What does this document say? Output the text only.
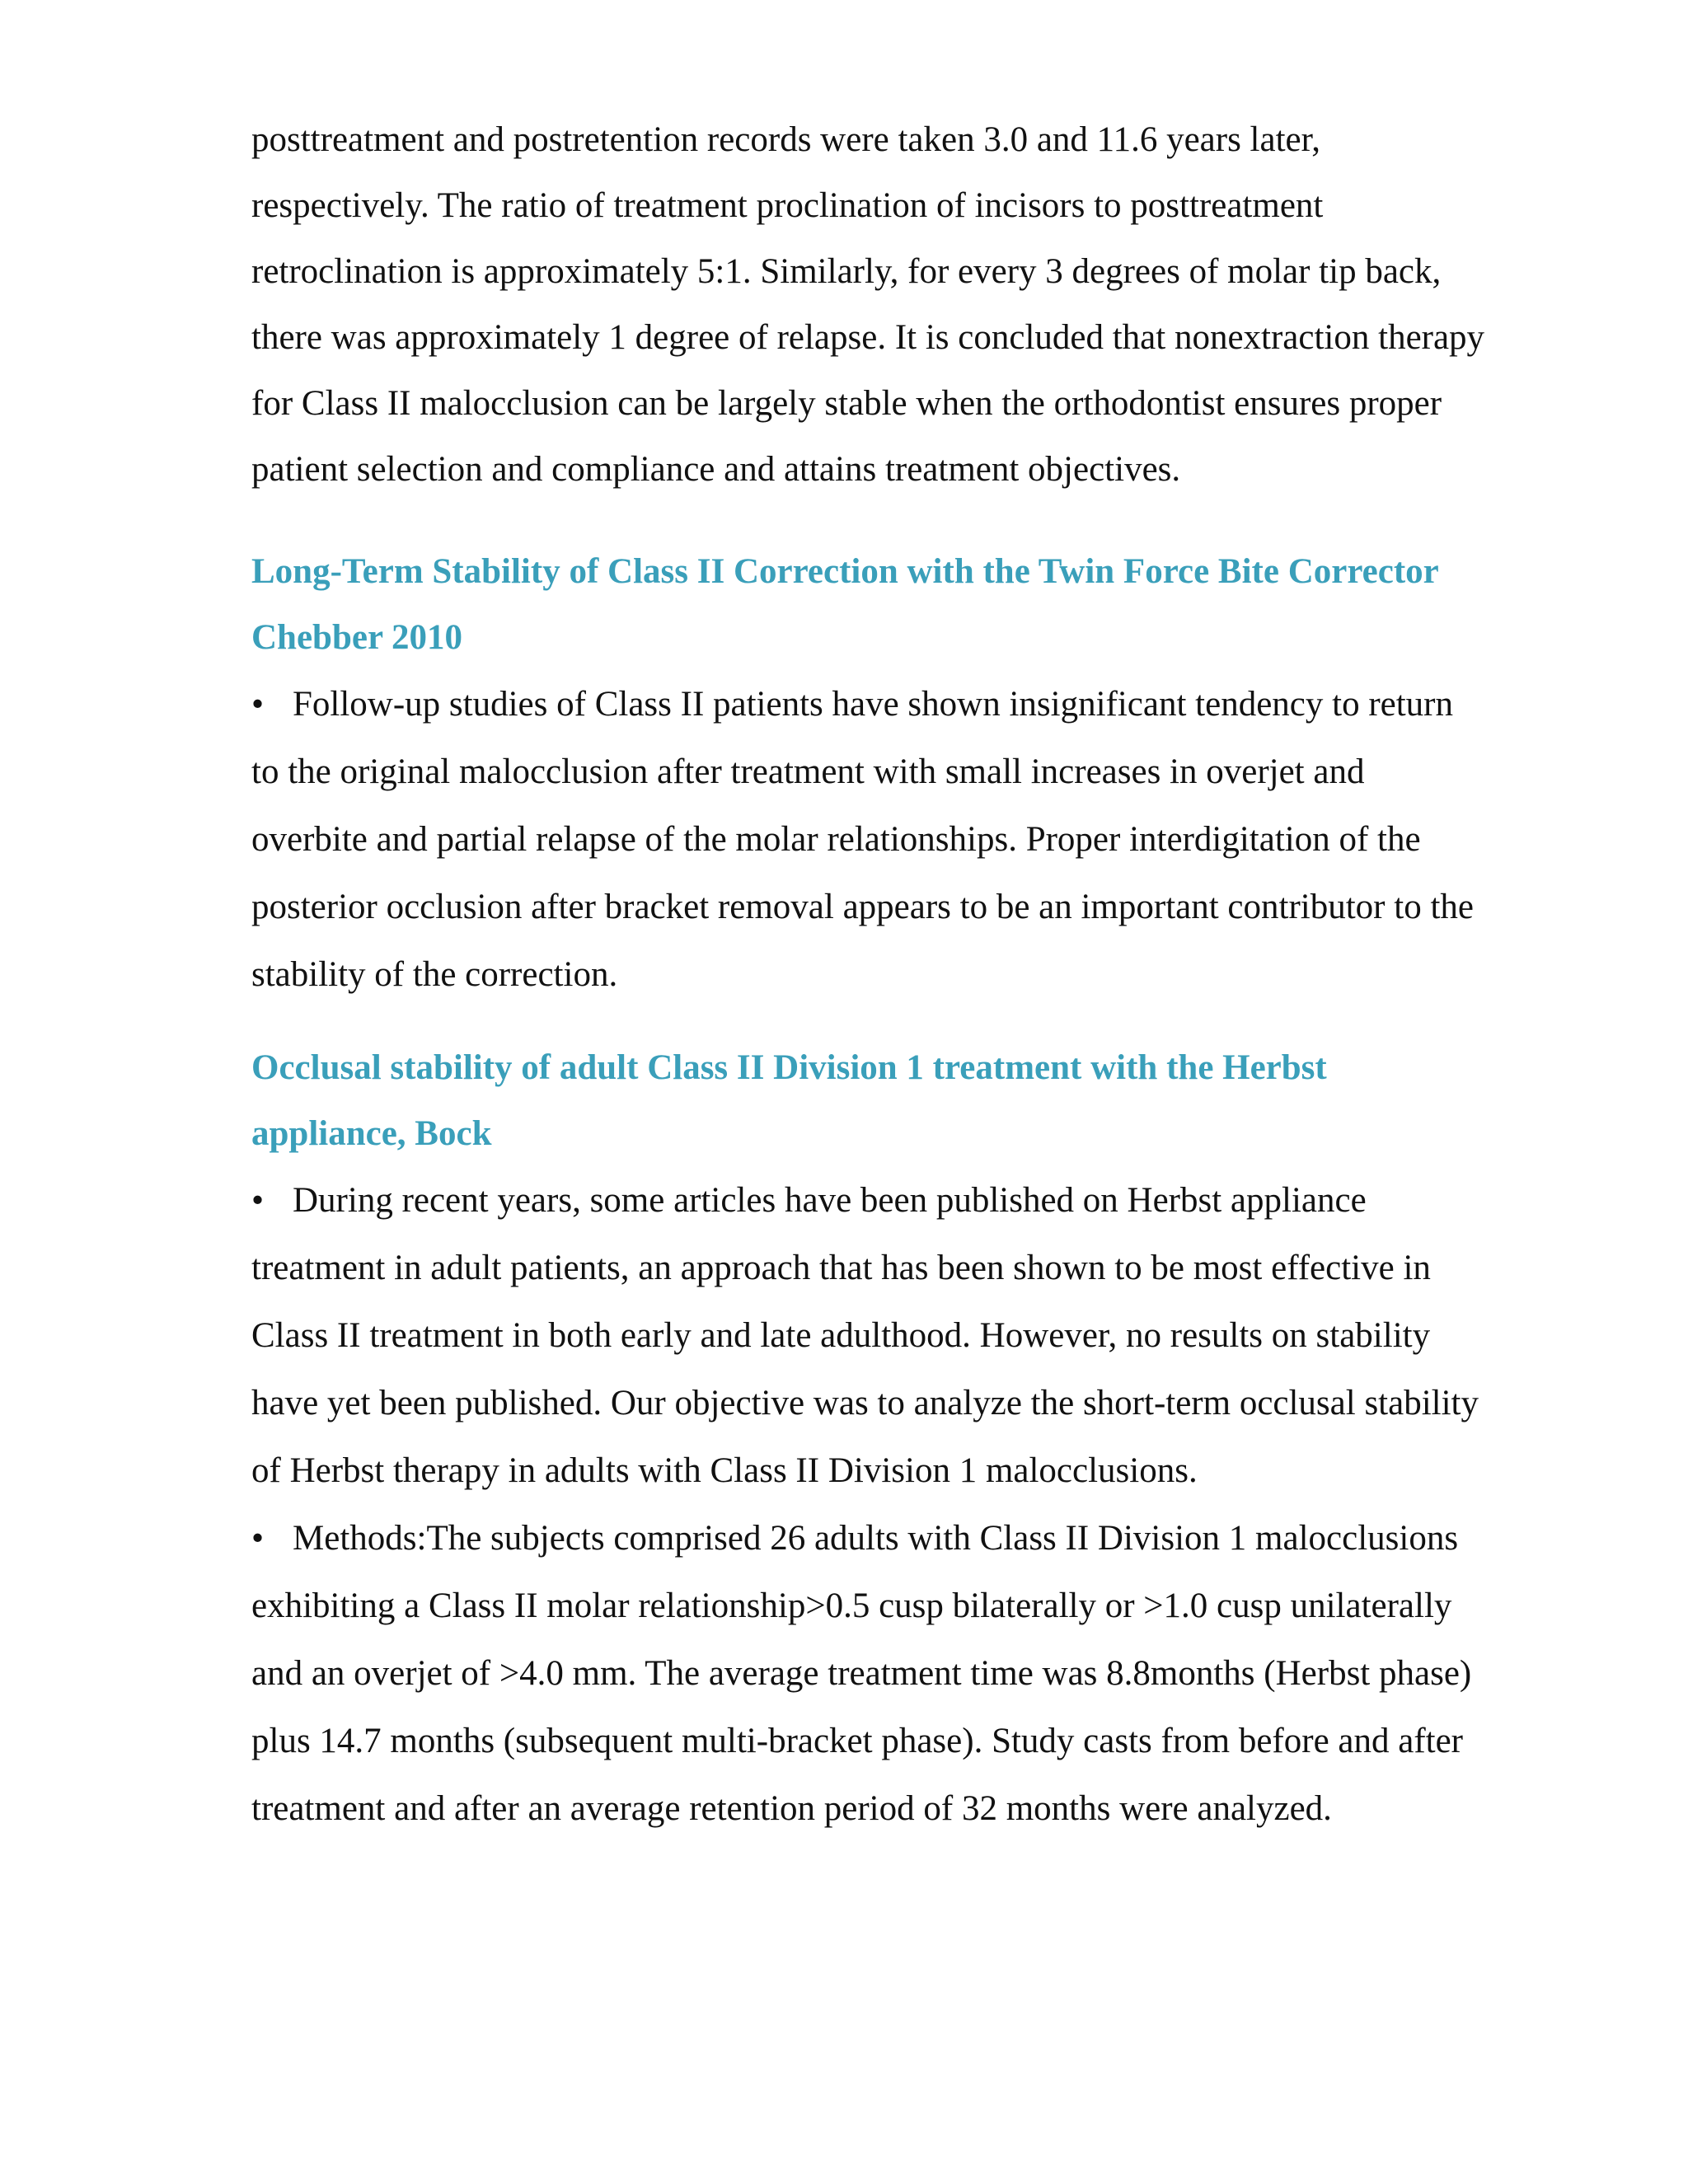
posttreatment and postretention records were taken 3.0 and 11.6 years later, respectively. The ratio of treatment proclination of incisors to posttreatment retroclination is approximately 5:1. Similarly, for every 3 degrees of molar tip back, there was approximately 1 degree of relapse. It is concluded that nonextraction therapy for Class II malocclusion can be largely stable when the orthodontist ensures proper patient selection and compliance and attains treatment objectives.

Long-Term Stability of Class II Correction with the Twin Force Bite Corrector Chebber 2010

• Follow-up studies of Class II patients have shown insignificant tendency to return to the original malocclusion after treatment with small increases in overjet and overbite and partial relapse of the molar relationships. Proper interdigitation of the posterior occlusion after bracket removal appears to be an important contributor to the stability of the correction.

Occlusal stability of adult Class II Division 1 treatment with the Herbst appliance, Bock

• During recent years, some articles have been published on Herbst appliance treatment in adult patients, an approach that has been shown to be most effective in Class II treatment in both early and late adulthood. However, no results on stability have yet been published. Our objective was to analyze the short-term occlusal stability of Herbst therapy in adults with Class II Division 1 malocclusions.

• Methods:The subjects comprised 26 adults with Class II Division 1 malocclusions exhibiting a Class II molar relationship>0.5 cusp bilaterally or >1.0 cusp unilaterally and an overjet of >4.0 mm. The average treatment time was 8.8months (Herbst phase) plus 14.7 months (subsequent multi-bracket phase). Study casts from before and after treatment and after an average retention period of 32 months were analyzed.
